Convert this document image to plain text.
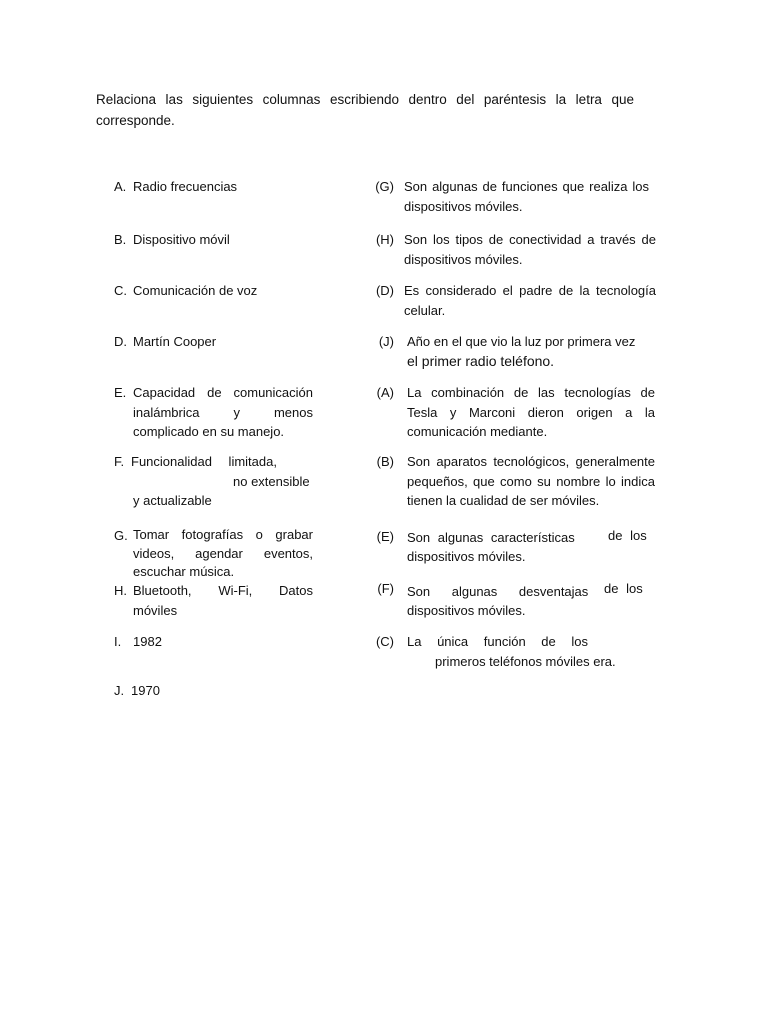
Relaciona las siguientes columnas escribiendo dentro del paréntesis la letra que corresponde.

A. Radio frecuencias
B. Dispositivo móvil
C. Comunicación de voz
D. Martín Cooper
E. Capacidad de comunicación inalámbrica y menos complicado en su manejo.
F. Funcionalidad limitada,
no extensible
y actualizable
G. Tomar fotografías o grabar videos, agendar eventos, escuchar música.
H. Bluetooth, Wi-Fi, Datos móviles
I. 1982
J. 1970
(G) Son algunas de funciones que realiza los dispositivos móviles.
(H) Son los tipos de conectividad a través de dispositivos móviles.
(D) Es considerado el padre de la tecnología celular.
(J) Año en el que vio la luz por primera vez
el primer radio teléfono.
(A) La combinación de las tecnologías de Tesla y Marconi dieron origen a la comunicación mediante.
(B) Son aparatos tecnológicos, generalmente pequeños, que como su nombre lo indica tienen la cualidad de ser móviles.
(E) Son algunas características	de los
dispositivos móviles.
(F) Son algunas desventajas de los
dispositivos móviles.
(C) La única función de los
primeros teléfonos móviles era.
